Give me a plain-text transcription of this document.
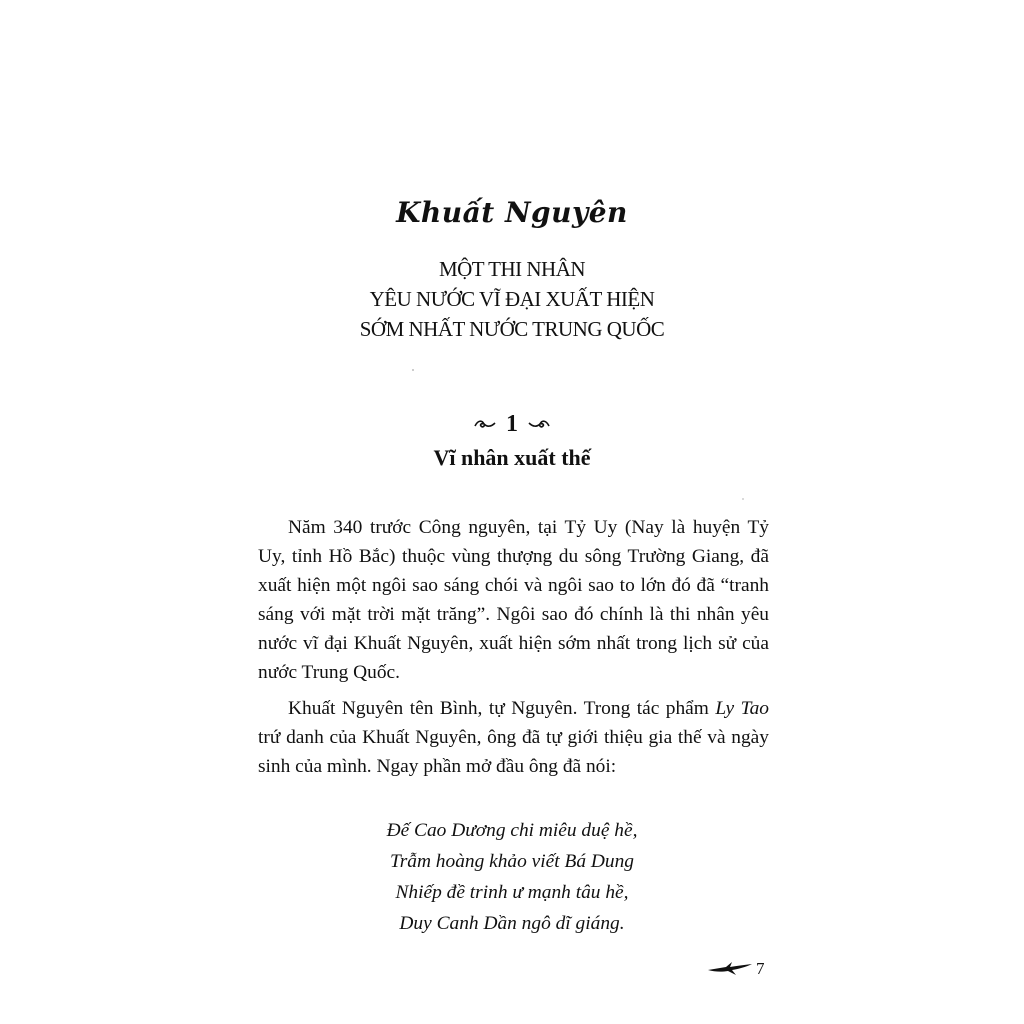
Khuất Nguyên
MỘT THI NHÂN
YÊU NƯỚC VĨ ĐẠI XUẤT HIỆN
SỚM NHẤT NƯỚC TRUNG QUỐC
1
Vĩ nhân xuất thế

Năm 340 trước Công nguyên, tại Tỷ Uy (Nay là huyện Tỷ Uy, tỉnh Hồ Bắc) thuộc vùng thượng du sông Trường Giang, đã xuất hiện một ngôi sao sáng chói và ngôi sao to lớn đó đã “tranh sáng với mặt trời mặt trăng”. Ngôi sao đó chính là thi nhân yêu nước vĩ đại Khuất Nguyên, xuất hiện sớm nhất trong lịch sử của nước Trung Quốc.

Khuất Nguyên tên Bình, tự Nguyên. Trong tác phẩm Ly Tao trứ danh của Khuất Nguyên, ông đã tự giới thiệu gia thế và ngày sinh của mình. Ngay phần mở đầu ông đã nói:

Đế Cao Dương chi miêu duệ hề,
Trẫm hoàng khảo viết Bá Dung
Nhiếp đề trinh ư mạnh tâu hề,
Duy Canh Dần ngô dĩ giáng.
7
